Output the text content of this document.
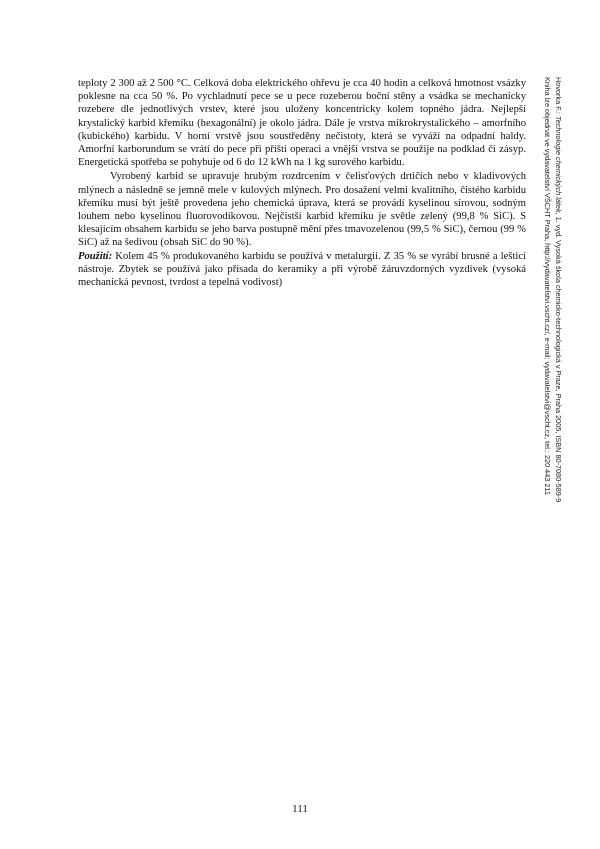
teploty 2 300 až 2 500 °C. Celková doba elektrického ohřevu je cca 40 hodin a celková hmotnost vsázky poklesne na cca 50 %. Po vychladnutí pece se u pece rozeberou boční stěny a vsádka se mechanicky rozebere dle jednotlivých vrstev, které jsou uloženy koncentricky kolem topného jádra. Nejlepší krystalický karbid křemíku (hexagonální) je okolo jádra. Dále je vrstva mikrokrystalického – amorfního (kubického) karbidu. V horní vrstvě jsou soustředěny nečistoty, která se vyváží na odpadní haldy. Amorfní karborundum se vrátí do pece při příští operaci a vnější vrstva se použije na podklad či zásyp. Energetická spotřeba se pohybuje od 6 do 12 kWh na 1 kg surového karbidu.

Vyrobený karbid se upravuje hrubým rozdrcením v čelisťových drtičích nebo v kladivových mlýnech a následně se jemně mele v kulových mlýnech. Pro dosažení velmi kvalitního, čistého karbidu křemíku musí být ještě provedena jeho chemická úprava, která se provádí kyselinou sírovou, sodným louhem nebo kyselinou fluorovodíkovou. Nejčistší karbid křemíku je světle zelený (99,8 % SiC). S klesajícím obsahem karbidu se jeho barva postupně mění přes tmavozelenou (99,5 % SiC), černou (99 % SiC) až na šedivou (obsah SiC do 90 %).

Použití: Kolem 45 % produkovaného karbidu se používá v metalurgii. Z 35 % se vyrábí brusné a lešticí nástroje. Zbytek se používá jako přísada do keramiky a při výrobě žáruvzdorných vyzdívek (vysoká mechanická pevnost, tvrdost a tepelná vodivost)

Hovorka F.: Technologie chemických látek, 1. vyd. Vysoká škola chemicko-technologická v Praze, Praha 2005, ISBN 80-7080-589-9
Kniha lze objednat ve vydavatelství VŠCHT Praha, http://vydavatelstvi.vscht.cz/, e-mail: vydavatelstvi@vscht.cz, tel.: 220 443 211
111
